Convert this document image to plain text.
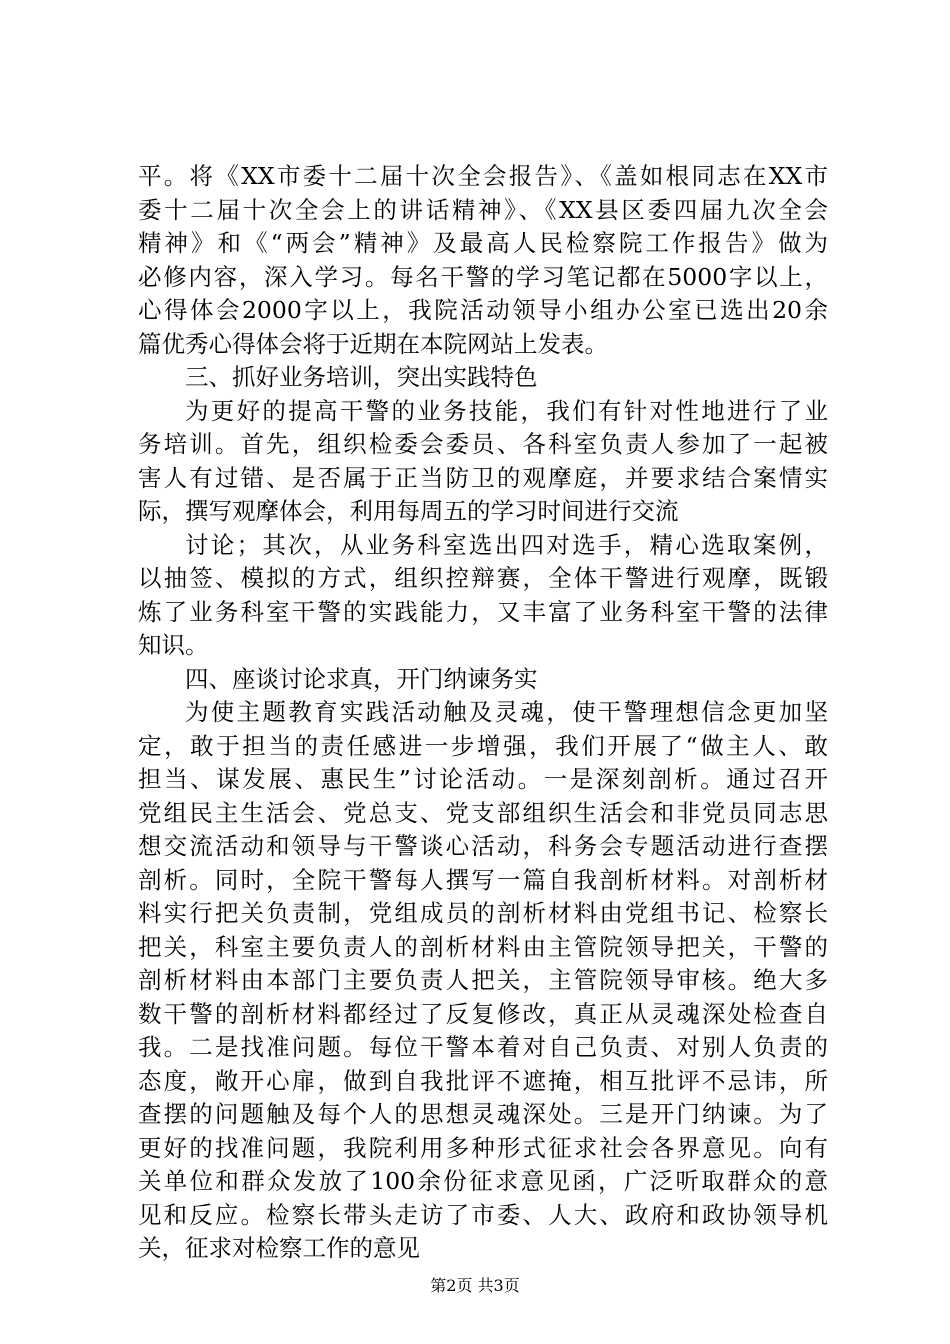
平。将《XX市委十二届十次全会报告》、《盖如根同志在XX市
委十二届十次全会上的讲话精神》、《XX县区委四届九次全会
精神》和《“两会”精神》及最高人民检察院工作报告》做为
必修内容，深入学习。每名干警的学习笔记都在5000字以上，
心得体会2000字以上，我院活动领导小组办公室已选出20余
篇优秀心得体会将于近期在本院网站上发表。
三、抓好业务培训，突出实践特色
为更好的提高干警的业务技能，我们有针对性地进行了业
务培训。首先，组织检委会委员、各科室负责人参加了一起被
害人有过错、是否属于正当防卫的观摩庭，并要求结合案情实
际，撰写观摩体会，利用每周五的学习时间进行交流
讨论；其次，从业务科室选出四对选手，精心选取案例，
以抽签、模拟的方式，组织控辩赛，全体干警进行观摩，既锻
炼了业务科室干警的实践能力，又丰富了业务科室干警的法律
知识。
四、座谈讨论求真，开门纳谏务实
为使主题教育实践活动触及灵魂，使干警理想信念更加坚
定，敢于担当的责任感进一步增强，我们开展了“做主人、敢
担当、谋发展、惠民生”讨论活动。一是深刻剖析。通过召开
党组民主生活会、党总支、党支部组织生活会和非党员同志思
想交流活动和领导与干警谈心活动，科务会专题活动进行查摆
剖析。同时，全院干警每人撰写一篇自我剖析材料。对剖析材
料实行把关负责制，党组成员的剖析材料由党组书记、检察长
把关，科室主要负责人的剖析材料由主管院领导把关，干警的
剖析材料由本部门主要负责人把关，主管院领导审核。绝大多
数干警的剖析材料都经过了反复修改，真正从灵魂深处检查自
我。二是找准问题。每位干警本着对自己负责、对别人负责的
态度，敞开心扉，做到自我批评不遮掩，相互批评不忌讳，所
查摆的问题触及每个人的思想灵魂深处。三是开门纳谏。为了
更好的找准问题，我院利用多种形式征求社会各界意见。向有
关单位和群众发放了100余份征求意见函，广泛听取群众的意
见和反应。检察长带头走访了市委、人大、政府和政协领导机
关，征求对检察工作的意见
第2页 共3页
